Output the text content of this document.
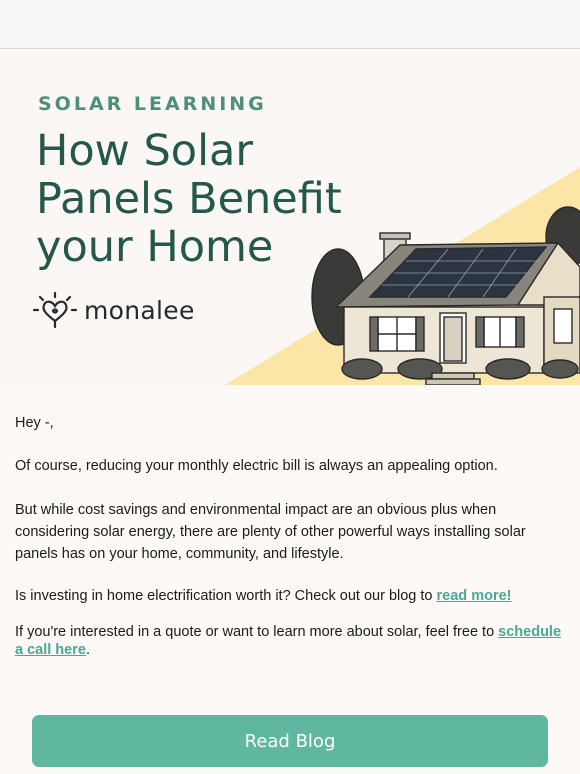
SOLAR LEARNING
How Solar Panels Benefit your Home
monalee

Hey -,

Of course, reducing your monthly electric bill is always an appealing option.

But while cost savings and environmental impact are an obvious plus when considering solar energy, there are plenty of other powerful ways installing solar panels has on your home, community, and lifestyle.

Is investing in home electrification worth it? Check out our blog to read more!

If you're interested in a quote or want to learn more about solar, feel free to schedule a call here.

Read Blog
